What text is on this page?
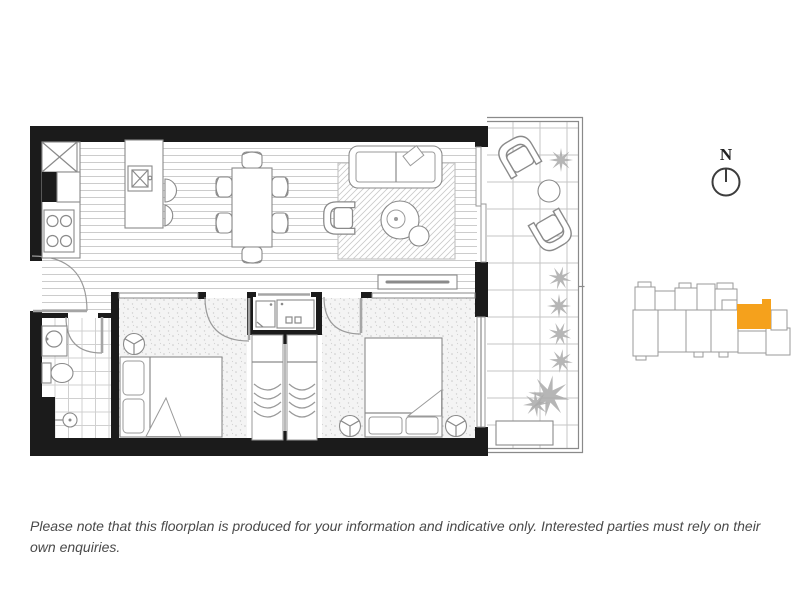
N
Please note that this floorplan is produced for your information and indicative only. Interested parties must rely on their
own enquiries.
